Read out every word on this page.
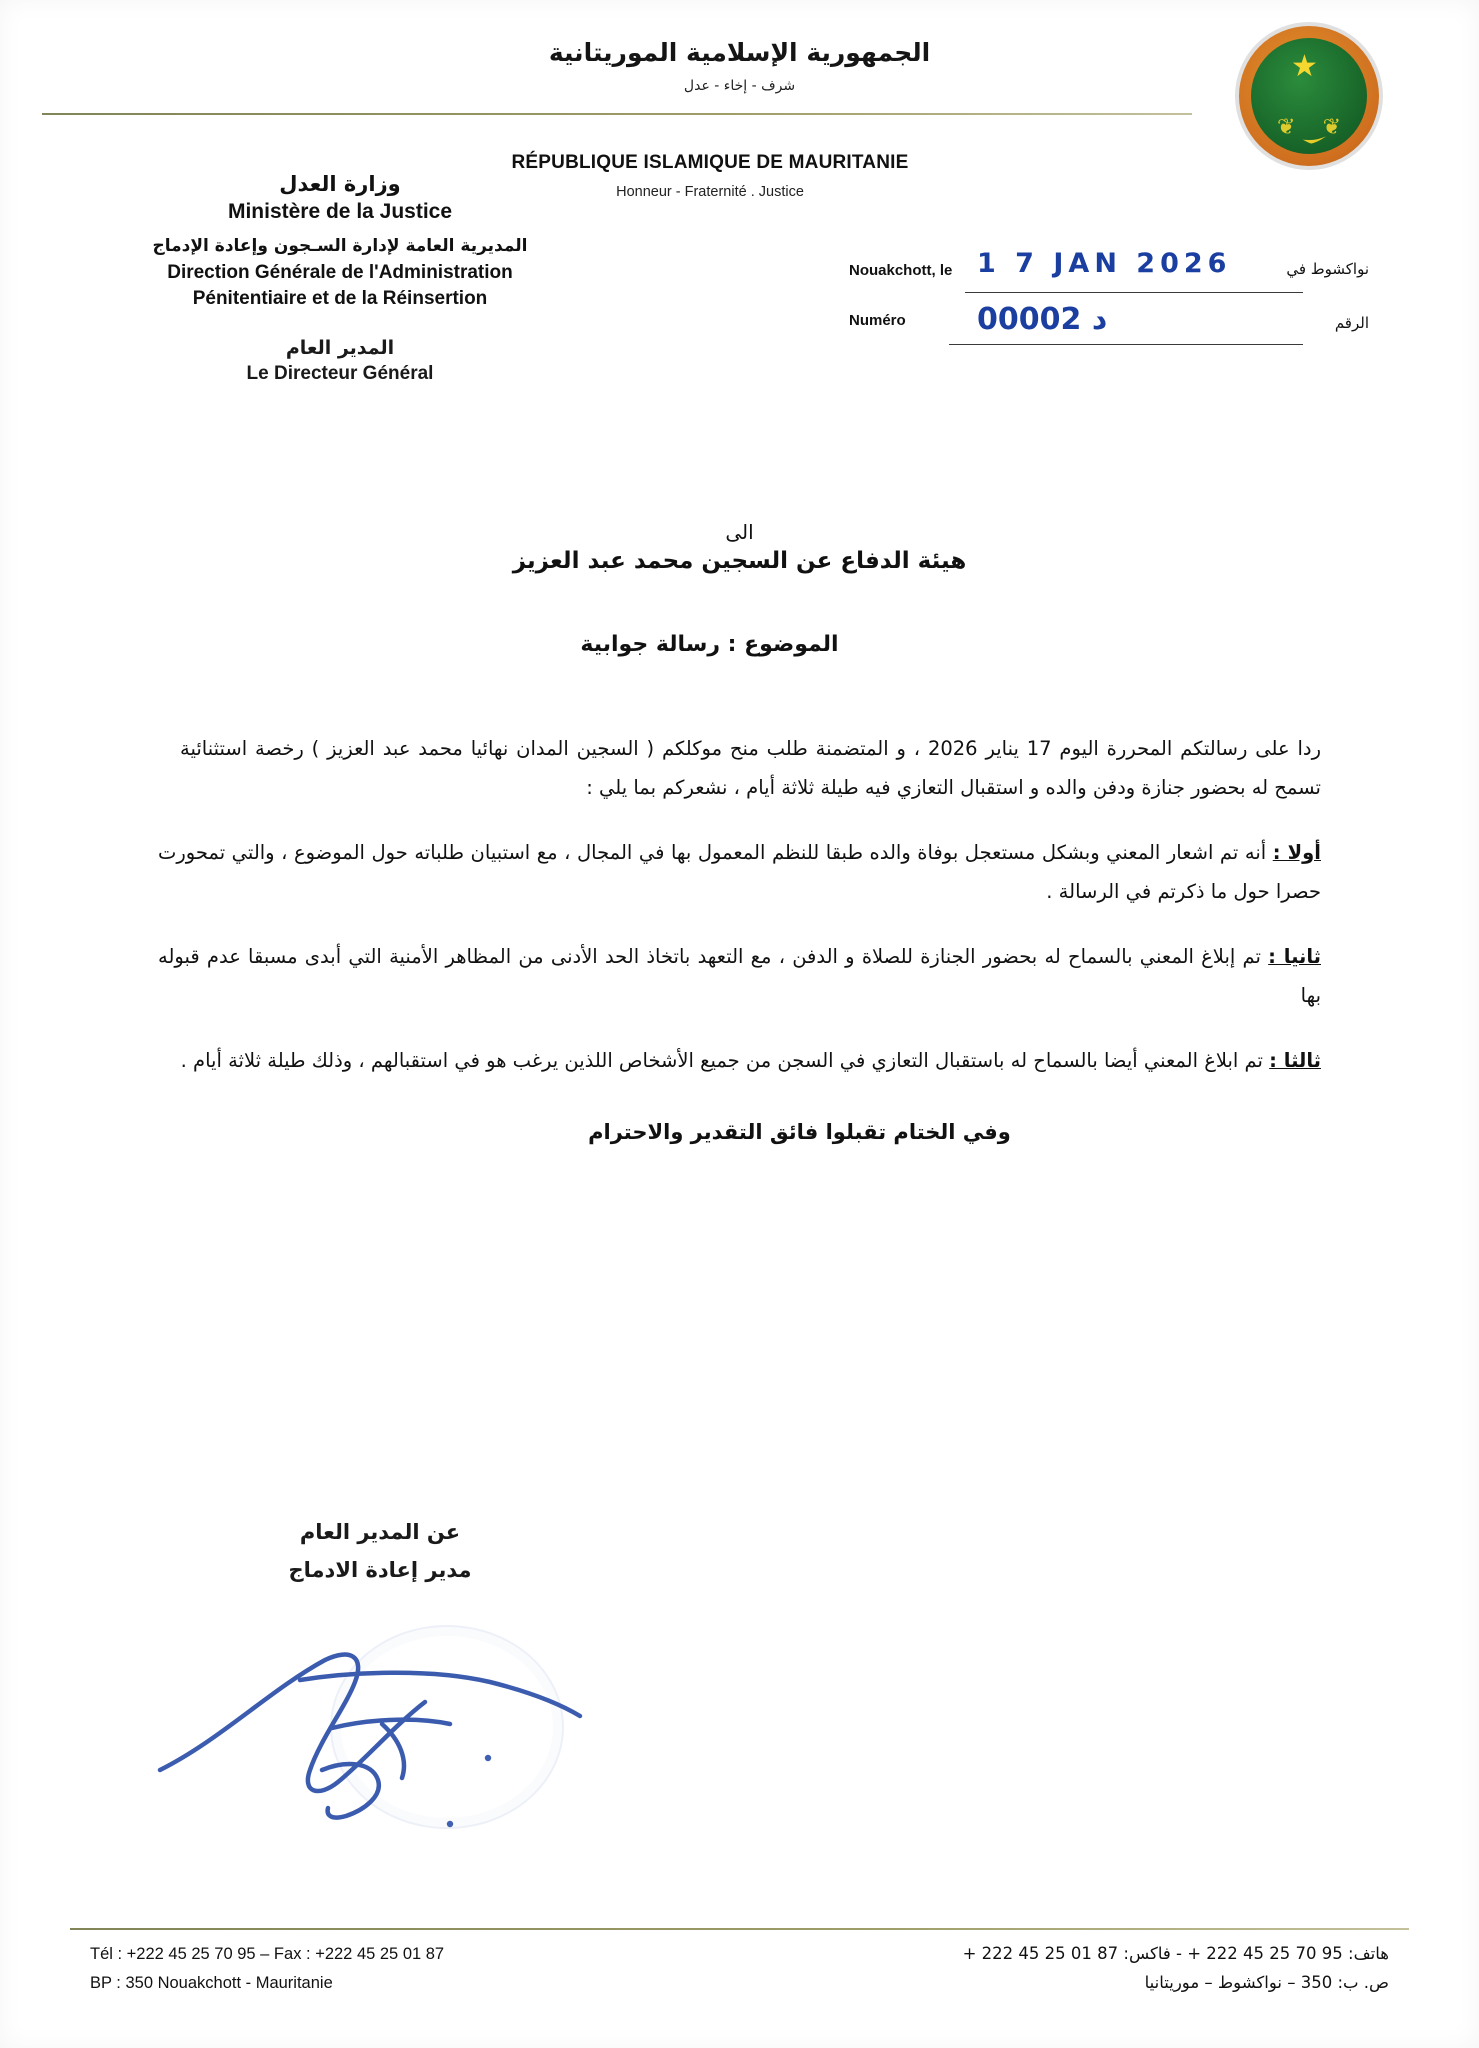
الجمهورية الإسلامية الموريتانية
شرف - إخاء - عدل
RÉPUBLIQUE ISLAMIQUE DE MAURITANIE
Honneur - Fraternité . Justice
★
❦ ❦
وزارة العدل
Ministère de la Justice
المديرية العامة لإدارة السـجون وإعادة الإدماج
Direction Générale de l'Administration
Pénitentiaire et de la Réinsertion
المدير العام
Le Directeur Général
Nouakchott, le 1 7 JAN 2026	نواكشوط في
Numéro 00002 د	الرقم
الى
هيئة الدفاع عن السجين محمد عبد العزيز
الموضوع : رسالة جوابية

ردا على رسالتكم المحررة اليوم 17 يناير 2026 ، و المتضمنة طلب منح موكلكم ( السجين المدان نهائيا محمد عبد العزيز ) رخصة استثنائية تسمح له بحضور جنازة ودفن والده و استقبال التعازي فيه طيلة ثلاثة أيام ، نشعركم بما يلي :

أولا : أنه تم اشعار المعني وبشكل مستعجل بوفاة والده طبقا للنظم المعمول بها في المجال ، مع استبيان طلباته حول الموضوع ، والتي تمحورت حصرا حول ما ذكرتم في الرسالة .

ثانيا : تم إبلاغ المعني بالسماح له بحضور الجنازة للصلاة و الدفن ، مع التعهد باتخاذ الحد الأدنى من المظاهر الأمنية التي أبدى مسبقا عدم قبوله بها

ثالثا : تم ابلاغ المعني أيضا بالسماح له باستقبال التعازي في السجن من جميع الأشخاص اللذين يرغب هو في استقبالهم ، وذلك طيلة ثلاثة أيام .

وفي الختام تقبلوا فائق التقدير والاحترام
عن المدير العام
مدير إعادة الادماج
Tél : +222 45 25 70 95 – Fax : +222 45 25 01 87
BP : 350 Nouakchott - Mauritanie
هاتف: 95 70 25 45 222 + - فاكس: 87 01 25 45 222 +
ص. ب: 350 – نواكشوط – موريتانيا
